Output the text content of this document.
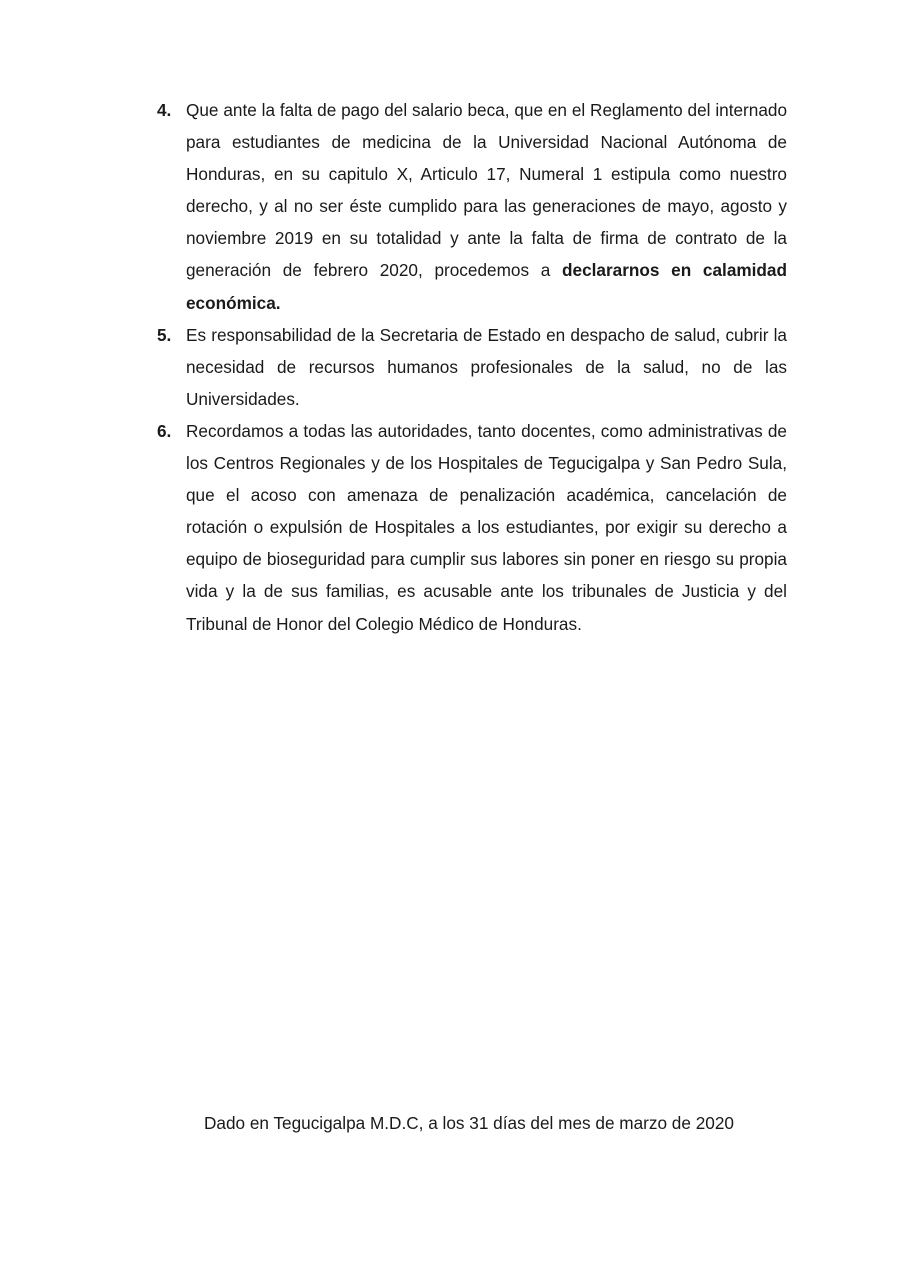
4. Que ante la falta de pago del salario beca, que en el Reglamento del internado para estudiantes de medicina de la Universidad Nacional Autónoma de Honduras, en su capitulo X, Articulo 17, Numeral 1 estipula como nuestro derecho, y al no ser éste cumplido para las generaciones de mayo, agosto y noviembre 2019 en su totalidad y ante la falta de firma de contrato de la generación de febrero 2020, procedemos a declararnos en calamidad económica.
5. Es responsabilidad de la Secretaria de Estado en despacho de salud, cubrir la necesidad de recursos humanos profesionales de la salud, no de las Universidades.
6. Recordamos a todas las autoridades, tanto docentes, como administrativas de los Centros Regionales y de los Hospitales de Tegucigalpa y San Pedro Sula, que el acoso con amenaza de penalización académica, cancelación de rotación o expulsión de Hospitales a los estudiantes, por exigir su derecho a equipo de bioseguridad para cumplir sus labores sin poner en riesgo su propia vida y la de sus familias, es acusable ante los tribunales de Justicia y del Tribunal de Honor del Colegio Médico de Honduras.
Dado en Tegucigalpa M.D.C, a los 31 días del mes de marzo de 2020
